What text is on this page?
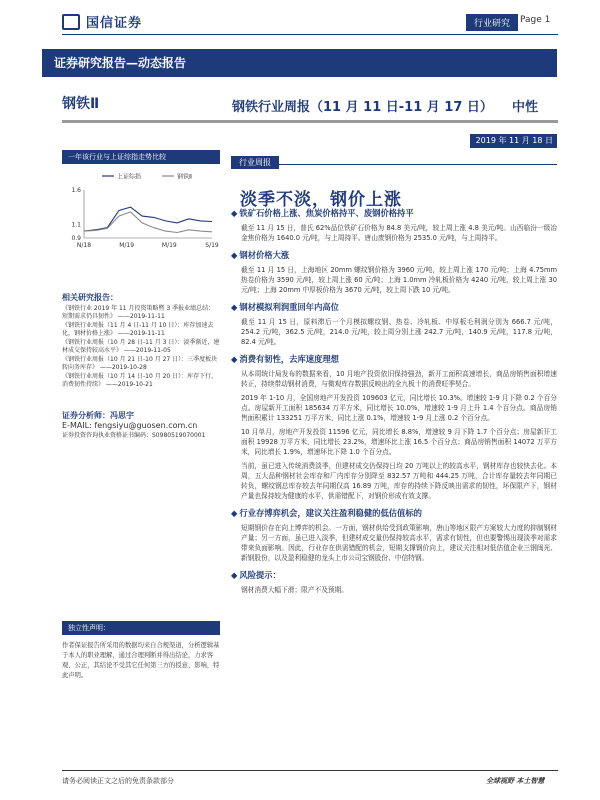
国信证券	行业研究	Page 1
证券研究报告—动态报告
钢铁Ⅱ	钢铁行业周报（11 月 11 日-11 月 17 日） 中性
2019 年 11 月 18 日
一年该行业与上证综指走势比较
上证综指	钢铁Ⅱ
1.6
1.1
0.9
N/18	M/19	M/19	S/19
相关研究报告：
《钢铁行业 2019 年 11 月投资策略暨 3 季报业绩总结：短期需求仍具韧性》 ——2019-11-11
《钢铁行业周报（11 月 4 日-11 月 10 日）：库存加速去化，钢材价格上涨》 ——2019-11-11
《钢铁行业周报（10 月 28 日-11 月 3 日）：淡季渐近，建材成交保持较高水平》 ——2019-11-05
《钢铁行业周报（10 月 21 日-10 月 27 日）：三季度板块转向务库存》 ——2019-10-28
《钢铁行业周报（10 月 14 日-10 月 20 日）：库存下行，消费韧性持续》 ——2019-10-21
证券分析师：冯思宇
E-MAIL: fengsiyu@guosen.com.cn
证券投资咨询执业资格证书编码：S0980519070001
独立性声明：
作者保证报告所采用的数据均来自合规渠道，分析逻辑基于本人的职业理解，通过合理判断并得出结论，力求客观、公正，其结论不受其它任何第三方的授意、影响，特此声明。
行业周报
淡季不淡，钢价上涨
◆ 铁矿石价格上涨、焦炭价格持平、废钢价格持平
截至 11 月 15 日，普氏 62%品位铁矿石价格为 84.8 美元/吨，较上周上涨 4.8 美元/吨。山西临汾一级冶金焦价格为 1640.0 元/吨，与上周持平。唐山废钢价格为 2535.0 元/吨，与上周持平。
◆ 钢材价格大涨
截至 11 月 15 日，上海地区 20mm 螺纹钢价格为 3960 元/吨，较上周上涨 170 元/吨；上海 4.75mm 热卷价格为 3590 元/吨，较上周上涨 60 元/吨；上海 1.0mm 冷轧板价格为 4240 元/吨，较上周上涨 30 元/吨；上海 20mm 中厚板价格为 3670 元/吨，较上周下跌 10 元/吨。
◆ 钢材模拟利润重回年内高位
截至 11 月 15 日，原料滞后一个月模拟螺纹钢、热卷、冷轧板、中厚板毛利润分别为 666.7 元/吨，254.2 元/吨，362.5 元/吨，214.0 元/吨，较上周分别上涨 242.7 元/吨，140.9 元/吨，117.8 元/吨，82.4 元/吨。
◆ 消费有韧性，去库速度理想
从本周统计局发布的数据来看，10 月地产投资依旧保持强劲，新开工面积高速增长，商品房销售面积增速转正，持续带动钢材消费，与微观库存数据反映出的全九板十的消费旺季契合。
2019 年 1-10 月，全国房地产开发投资 109603 亿元，同比增长 10.3%。增速较 1-9 月下降 0.2 个百分点。房屋新开工面积 185634 万平方米，同比增长 10.0%，增速较 1-9 月上升 1.4 个百分点。商品房销售面积累计 133251 万平方米，同比上涨 0.1%，增速较 1-9 月上涨 0.2 个百分点。
10 月单月，房地产开发投资 11596 亿元，同比增长 8.8%，增速较 9 月下降 1.7 个百分点；房屋新开工面积 19928 万平方米，同比增长 23.2%，增速环比上涨 16.5 个百分点；商品房销售面积 14072 万平方米，同比增长 1.9%，增速环比下降 1.0 个百分点。
当前，虽已进入传统消费淡季，但建材成交仍保持日均 20 万吨以上的较高水平，钢材库存也较快去化。本周，五大品种钢材社会库存和厂内库存分别降至 832.57 万吨和 444.25 万吨，合计库存量较去年同期已转负，螺纹钢总库存较去年同期仅高 16.89 万吨，库存的持续下降反映出需求的韧性，环保限产下，钢材产量也保持较为健康的水平，供需错配下，对钢价形成有效支撑。
◆ 行业存博弈机会，建议关注盈利稳健的低估值标的
短期钢价存在向上博弈的机会。一方面，钢材供给受到政策影响，唐山等地区限产方案较大力度的抑制钢材产量；另一方面，虽已进入淡季，但建材成交量仍保持较高水平，需求有韧性，但也要警惕出现淡季对需求带来负面影响。因此，行业存在供需错配的机会，短期支撑钢价向上，建议关注相对低估值企业三钢闽光、新钢股份，以及盈利稳健的龙头上市公司宝钢股份、中信特钢。
◆ 风险提示：
钢材消费大幅下滑；限产不及预期。
请务必阅读正文之后的免责条款部分	全球视野 本土智慧
